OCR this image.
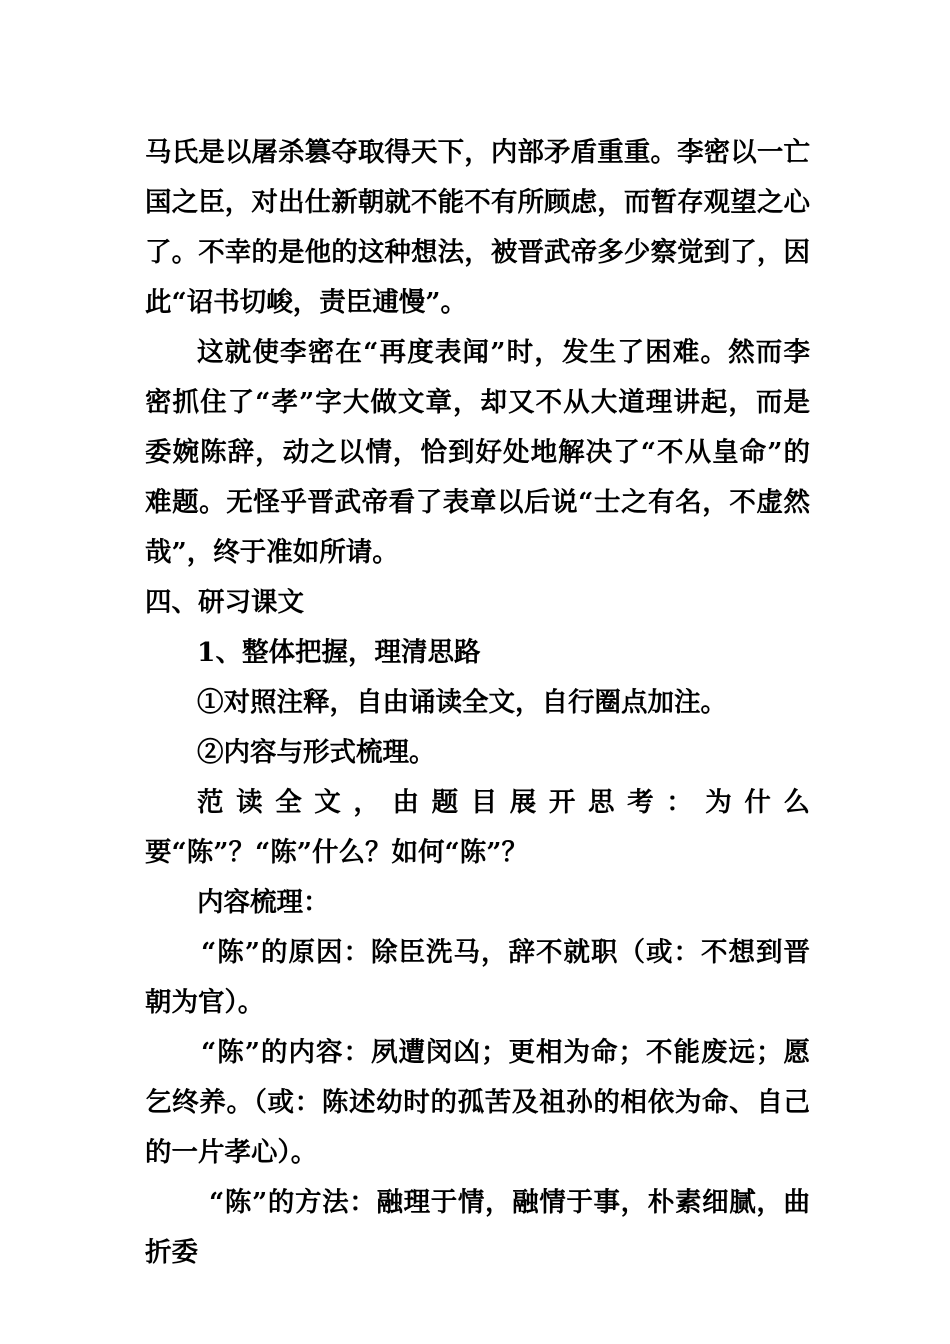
马氏是以屠杀篡夺取得天下，内部矛盾重重。李密以一亡国之臣，对出仕新朝就不能不有所顾虑，而暂存观望之心了。不幸的是他的这种想法，被晋武帝多少察觉到了，因此“诏书切峻，责臣逋慢”。

这就使李密在“再度表闻”时，发生了困难。然而李密抓住了“孝”字大做文章，却又不从大道理讲起，而是委婉陈辞，动之以情，恰到好处地解决了“不从皇命”的难题。无怪乎晋武帝看了表章以后说“士之有名，不虚然哉”，终于准如所请。

四、研习课文

1、整体把握，理清思路

①对照注释，自由诵读全文，自行圈点加注。

②内容与形式梳理。

范读全文，由题目展开思考：为什么要“陈”？“陈”什么？如何“陈”？

内容梳理：

“陈”的原因：除臣洗马，辞不就职（或：不想到晋朝为官）。

“陈”的内容：夙遭闵凶；更相为命；不能废远；愿乞终养。（或：陈述幼时的孤苦及祖孙的相依为命、自己的一片孝心）。

“陈”的方法：融理于情，融情于事，朴素细腻，曲折委
